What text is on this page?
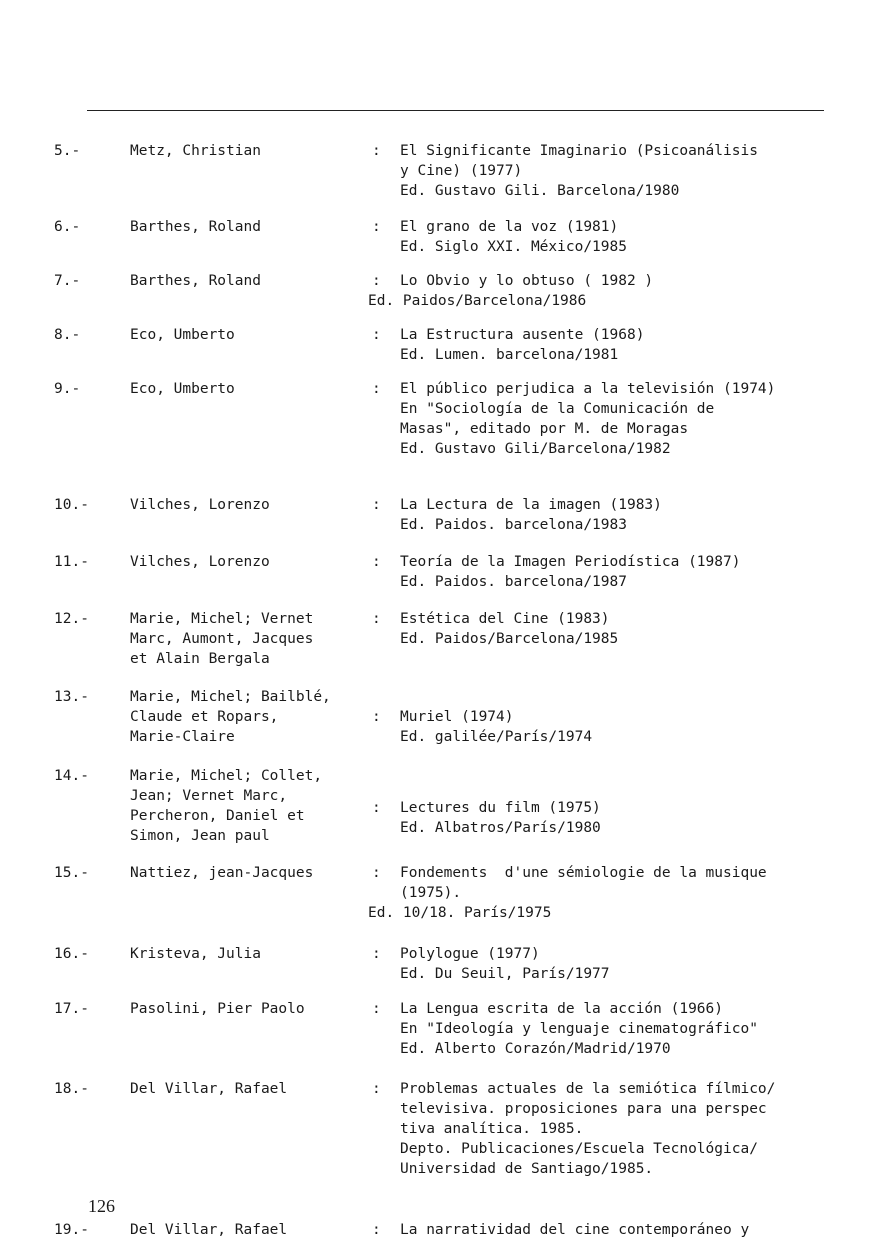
5.-	Metz, Christian	:	El Significante Imaginario (Psicoanálisis
y Cine) (1977)
Ed. Gustavo Gili. Barcelona/1980
6.-	Barthes, Roland	:	El grano de la voz (1981)
Ed. Siglo XXI. México/1985
7.-	Barthes, Roland	:	Lo Obvio y lo obtuso ( 1982 )
Ed. Paidos/Barcelona/1986
8.-	Eco, Umberto	:	La Estructura ausente (1968)
Ed. Lumen. barcelona/1981
9.-	Eco, Umberto	:	El público perjudica a la televisión (1974)
En "Sociología de la Comunicación de
Masas", editado por M. de Moragas
Ed. Gustavo Gili/Barcelona/1982
10.-	Vilches, Lorenzo	:	La Lectura de la imagen (1983)
Ed. Paidos. barcelona/1983
11.-	Vilches, Lorenzo	:	Teoría de la Imagen Periodística (1987)
Ed. Paidos. barcelona/1987
12.-	Marie, Michel; Vernet
Marc, Aumont, Jacques
et Alain Bergala
:	Estética del Cine (1983)
Ed. Paidos/Barcelona/1985
13.-	Marie, Michel; Bailblé,
Claude et Ropars,
Marie-Claire
:	Muriel (1974)
Ed. galilée/París/1974
14.-	Marie, Michel; Collet,
Jean; Vernet Marc,
Percheron, Daniel et
Simon, Jean paul
:	Lectures du film (1975)
Ed. Albatros/París/1980
15.-	Nattiez, jean-Jacques	:	Fondements  d'une sémiologie de la musique
(1975).
Ed. 10/18. París/1975
16.-	Kristeva, Julia	:	Polylogue (1977)
Ed. Du Seuil, París/1977
17.-	Pasolini, Pier Paolo	:	La Lengua escrita de la acción (1966)
En "Ideología y lenguaje cinematográfico"
Ed. Alberto Corazón/Madrid/1970
18.-	Del Villar, Rafael	:	Problemas actuales de la semiótica fílmico/
televisiva. proposiciones para una perspec
tiva analítica. 1985.
Depto. Publicaciones/Escuela Tecnológica/
Universidad de Santiago/1985.
19.-	Del Villar, Rafael	:	La narratividad del cine contemporáneo y
126
